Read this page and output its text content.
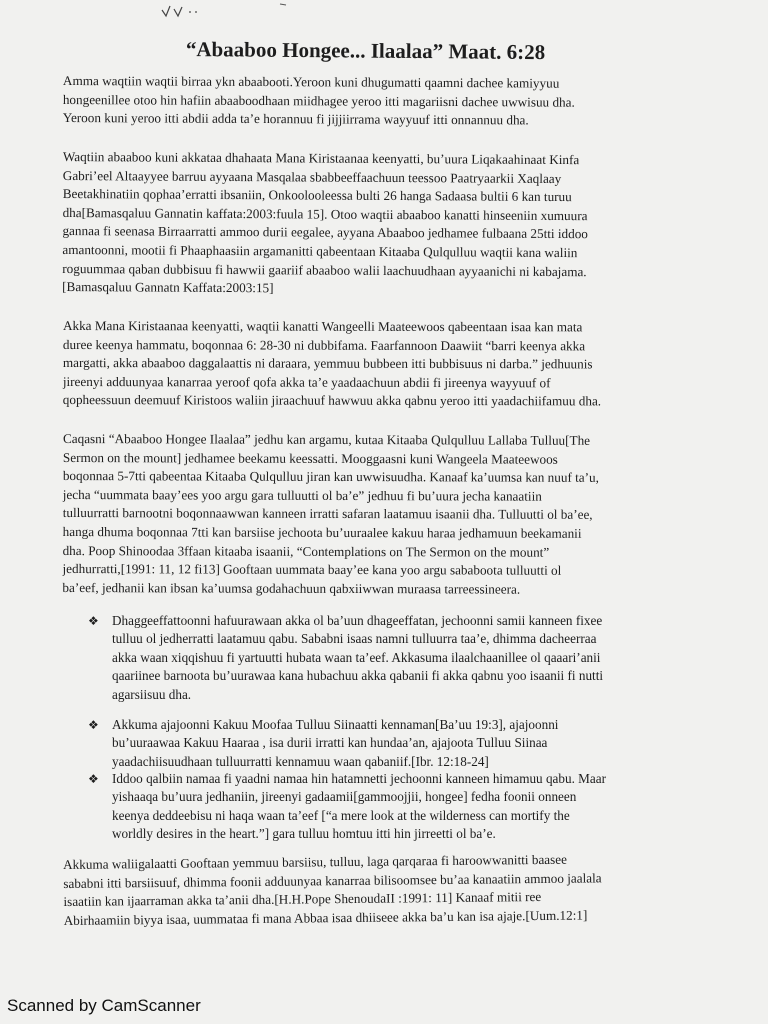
“Abaaboo Hongee... Ilaalaa” Maat. 6:28

Amma waqtiin waqtii birraa ykn abaabooti.Yeroon kuni dhugumatti qaamni dachee kamiyyuu
hongeenillee otoo hin hafiin abaaboodhaan miidhagee yeroo itti magariisni dachee uwwisuu dha.
Yeroon kuni yeroo itti abdii adda ta’e horannuu fi jijjiirrama wayyuuf itti onnannuu dha.

Waqtiin abaaboo kuni akkataa dhahaata Mana Kiristaanaa keenyatti, bu’uura Liqakaahinaat Kinfa
Gabri’eel Altaayyee barruu ayyaana Masqalaa sbabbeeffaachuun teessoo Paatryaarkii Xaqlaay
Beetakhinatiin qophaa’erratti ibsaniin, Onkoolooleessa bulti 26 hanga Sadaasa bultii 6 kan turuu
dha[Bamasqaluu Gannatin kaffata:2003:fuula 15]. Otoo waqtii abaaboo kanatti hinseeniin xumuura
gannaa fi seenasa Birraarratti ammoo durii eegalee, ayyana Abaaboo jedhamee fulbaana 25tti iddoo
amantoonni, mootii fi Phaaphaasiin argamanitti qabeentaan Kitaaba Qulqulluu waqtii kana waliin
roguummaa qaban dubbisuu fi hawwii gaariif abaaboo walii laachuudhaan ayyaanichi ni kabajama.
[Bamasqaluu Gannatn Kaffata:2003:15]

Akka Mana Kiristaanaa keenyatti, waqtii kanatti Wangeelli Maateewoos qabeentaan isaa kan mata
duree keenya hammatu, boqonnaa 6: 28-30 ni dubbifama. Faarfannoon Daawiit “barri keenya akka
margatti, akka abaaboo daggalaattis ni daraara, yemmuu bubbeen itti bubbisuus ni darba.” jedhuunis
jireenyi adduunyaa kanarraa yeroof qofa akka ta’e yaadaachuun abdii fi jireenya wayyuuf of
qopheessuun deemuuf Kiristoos waliin jiraachuuf hawwuu akka qabnu yeroo itti yaadachiifamuu dha.

Caqasni “Abaaboo Hongee Ilaalaa” jedhu kan argamu, kutaa Kitaaba Qulqulluu Lallaba Tulluu[The
Sermon on the mount] jedhamee beekamu keessatti. Mooggaasni kuni Wangeela Maateewoos
boqonnaa 5-7tti qabeentaa Kitaaba Qulqulluu jiran kan uwwisuudha. Kanaaf ka’uumsa kan nuuf ta’u,
jecha “uummata baay’ees yoo argu gara tulluutti ol ba’e” jedhuu fi bu’uura jecha kanaatiin
tulluurratti barnootni boqonnaawwan kanneen irratti safaran laatamuu isaanii dha. Tulluutti ol ba’ee,
hanga dhuma boqonnaa 7tti kan barsiise jechoota bu’uuraalee kakuu haraa jedhamuun beekamanii
dha. Poop Shinoodaa 3ffaan kitaaba isaanii, “Contemplations on The Sermon on the mount”
jedhurratti,[1991: 11, 12 fi13] Gooftaan uummata baay’ee kana yoo argu sababoota tulluutti ol
ba’eef, jedhanii kan ibsan ka’uumsa godahachuun qabxiiwwan muraasa tarreessineera.

❖	Dhaggeeffattoonni hafuurawaan akka ol ba’uun dhageeffatan, jechoonni samii kanneen fixee
tulluu ol jedherratti laatamuu qabu. Sababni isaas namni tulluurra taa’e, dhimma dacheerraa
akka waan xiqqishuu fi yartuutti hubata waan ta’eef. Akkasuma ilaalchaanillee ol qaaari’anii
qaariinee barnoota bu’uurawaa kana hubachuu akka qabanii fi akka qabnu yoo isaanii fi nutti
agarsiisuu dha.
❖	Akkuma ajajoonni Kakuu Moofaa Tulluu Siinaatti kennaman[Ba’uu 19:3], ajajoonni
bu’uuraawaa Kakuu Haaraa , isa durii irratti kan hundaa’an, ajajoota Tulluu Siinaa
yaadachiisuudhaan tulluurratti kennamuu waan qabaniif.[Ibr. 12:18-24]
❖	Iddoo qalbiin namaa fi yaadni namaa hin hatamnetti jechoonni kanneen himamuu qabu. Maar
yishaaqa bu’uura jedhaniin, jireenyi gadaamii[gammoojjii, hongee] fedha foonii onneen
keenya deddeebisu ni haqa waan ta’eef [“a mere look at the wilderness can mortify the
worldly desires in the heart.”] gara tulluu homtuu itti hin jirreetti ol ba’e.

Akkuma waliigalaatti Gooftaan yemmuu barsiisu, tulluu, laga qarqaraa fi haroowwanitti baasee
sababni itti barsiisuuf, dhimma foonii adduunyaa kanarraa bilisoomsee bu’aa kanaatiin ammoo jaalala
isaatiin kan ijaarraman akka ta’anii dha.[H.H.Pope ShenoudaII :1991: 11] Kanaaf mitii ree
Abirhaamiin biyya isaa, uummataa fi mana Abbaa isaa dhiiseee akka ba’u kan isa ajaje.[Uum.12:1]

Scanned by CamScanner
